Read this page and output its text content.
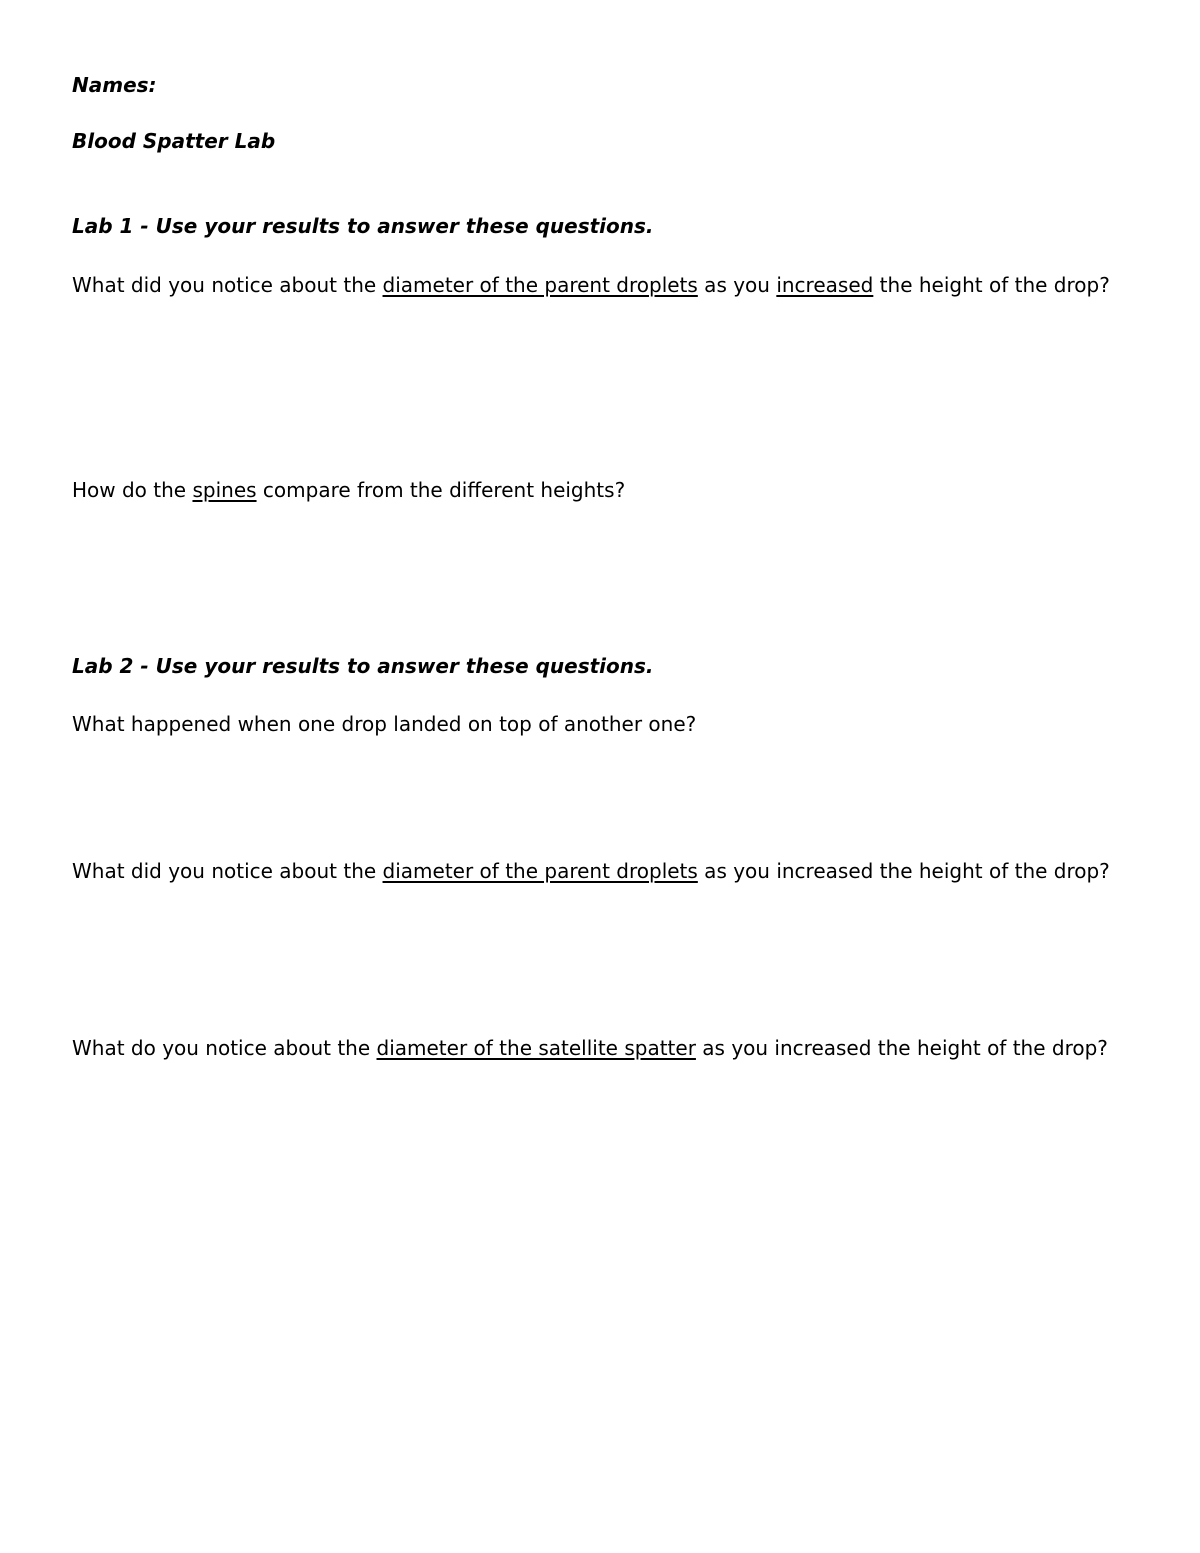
Names:
Blood Spatter Lab
Lab 1 - Use your results to answer these questions.
What did you notice about the diameter of the parent droplets as you increased the height of the drop?
How do the spines compare from the different heights?
Lab 2 - Use your results to answer these questions.
What happened when one drop landed on top of another one?
What did you notice about the diameter of the parent droplets as you increased the height of the drop?
What do you notice about the diameter of the satellite spatter as you increased the height of the drop?
